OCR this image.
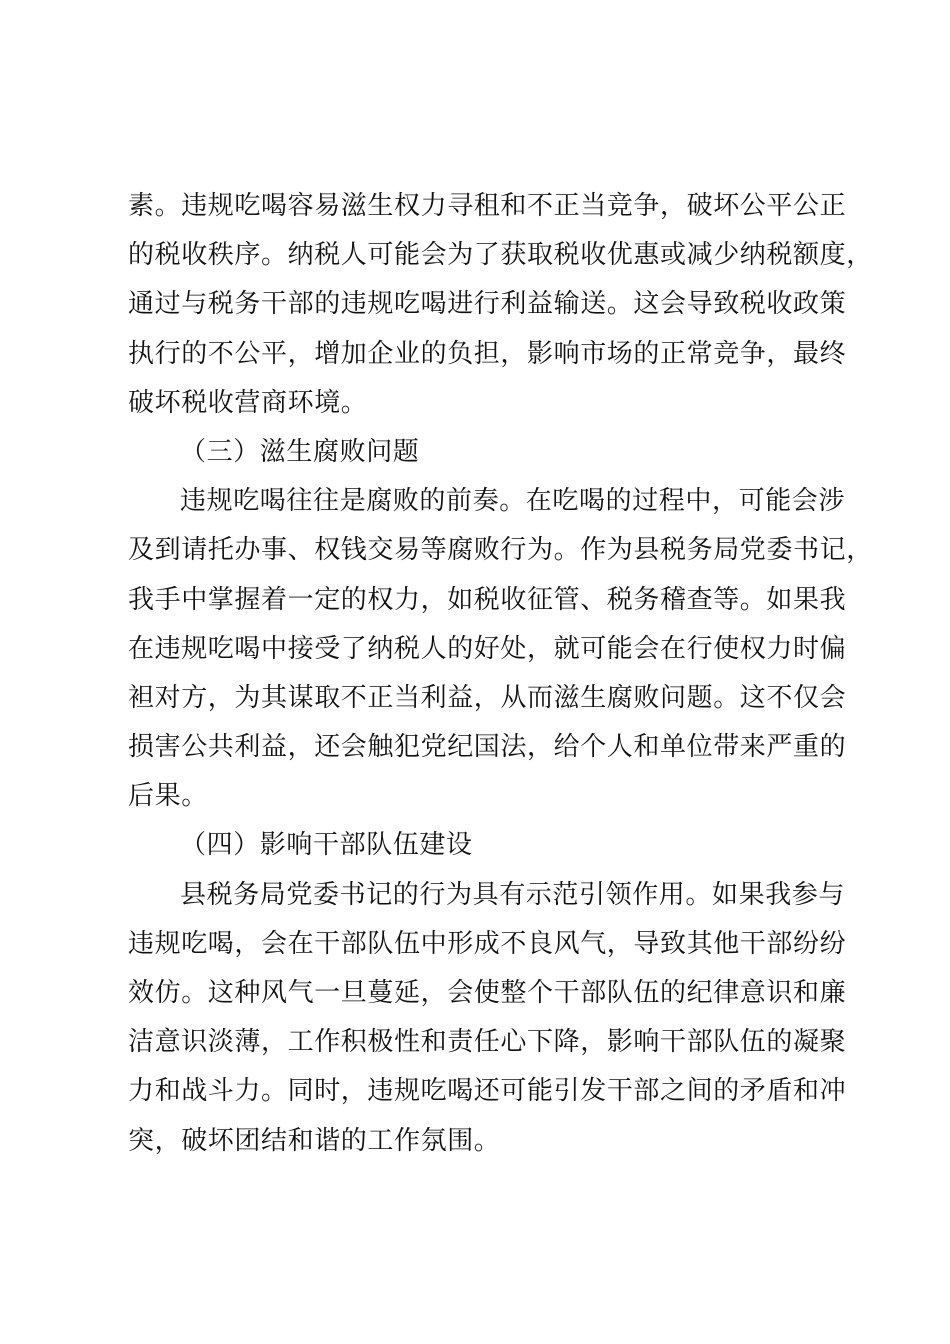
素。违规吃喝容易滋生权力寻租和不正当竞争，破坏公平公正
的税收秩序。纳税人可能会为了获取税收优惠或减少纳税额度，
通过与税务干部的违规吃喝进行利益输送。这会导致税收政策
执行的不公平，增加企业的负担，影响市场的正常竞争，最终
破坏税收营商环境。
（三）滋生腐败问题
违规吃喝往往是腐败的前奏。在吃喝的过程中，可能会涉
及到请托办事、权钱交易等腐败行为。作为县税务局党委书记，
我手中掌握着一定的权力，如税收征管、税务稽查等。如果我
在违规吃喝中接受了纳税人的好处，就可能会在行使权力时偏
袒对方，为其谋取不正当利益，从而滋生腐败问题。这不仅会
损害公共利益，还会触犯党纪国法，给个人和单位带来严重的
后果。
（四）影响干部队伍建设
县税务局党委书记的行为具有示范引领作用。如果我参与
违规吃喝，会在干部队伍中形成不良风气，导致其他干部纷纷
效仿。这种风气一旦蔓延，会使整个干部队伍的纪律意识和廉
洁意识淡薄，工作积极性和责任心下降，影响干部队伍的凝聚
力和战斗力。同时，违规吃喝还可能引发干部之间的矛盾和冲
突，破坏团结和谐的工作氛围。
